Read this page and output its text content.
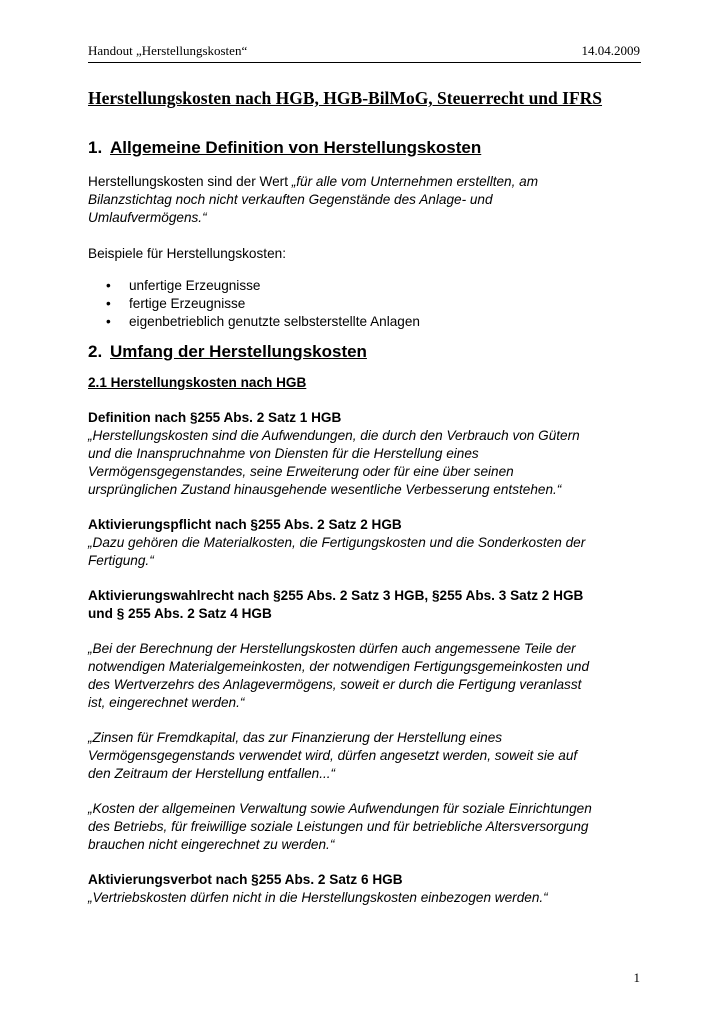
Handout „Herstellungskosten“	14.04.2009
Herstellungskosten nach HGB, HGB-BilMoG, Steuerrecht und IFRS
1. Allgemeine Definition von Herstellungskosten

Herstellungskosten sind der Wert „für alle vom Unternehmen erstellten, am
Bilanzstichtag noch nicht verkauften Gegenstände des Anlage- und
Umlaufvermögens.“

Beispiele für Herstellungskosten:

• unfertige Erzeugnisse
• fertige Erzeugnisse
• eigenbetrieblich genutzte selbsterstellte Anlagen
2. Umfang der Herstellungskosten

2.1 Herstellungskosten nach HGB

Definition nach §255 Abs. 2 Satz 1 HGB

„Herstellungskosten sind die Aufwendungen, die durch den Verbrauch von Gütern
und die Inanspruchnahme von Diensten für die Herstellung eines
Vermögensgegenstandes, seine Erweiterung oder für eine über seinen
ursprünglichen Zustand hinausgehende wesentliche Verbesserung entstehen.“

Aktivierungspflicht nach §255 Abs. 2 Satz 2 HGB

„Dazu gehören die Materialkosten, die Fertigungskosten und die Sonderkosten der
Fertigung.“

Aktivierungswahlrecht nach §255 Abs. 2 Satz 3 HGB, §255 Abs. 3 Satz 2 HGB
und § 255 Abs. 2 Satz 4 HGB

„Bei der Berechnung der Herstellungskosten dürfen auch angemessene Teile der
notwendigen Materialgemeinkosten, der notwendigen Fertigungsgemeinkosten und
des Wertverzehrs des Anlagevermögens, soweit er durch die Fertigung veranlasst
ist, eingerechnet werden.“

„Zinsen für Fremdkapital, das zur Finanzierung der Herstellung eines
Vermögensgegenstands verwendet wird, dürfen angesetzt werden, soweit sie auf
den Zeitraum der Herstellung entfallen...“

„Kosten der allgemeinen Verwaltung sowie Aufwendungen für soziale Einrichtungen
des Betriebs, für freiwillige soziale Leistungen und für betriebliche Altersversorgung
brauchen nicht eingerechnet zu werden.“

Aktivierungsverbot nach §255 Abs. 2 Satz 6 HGB

„Vertriebskosten dürfen nicht in die Herstellungskosten einbezogen werden.“

1
